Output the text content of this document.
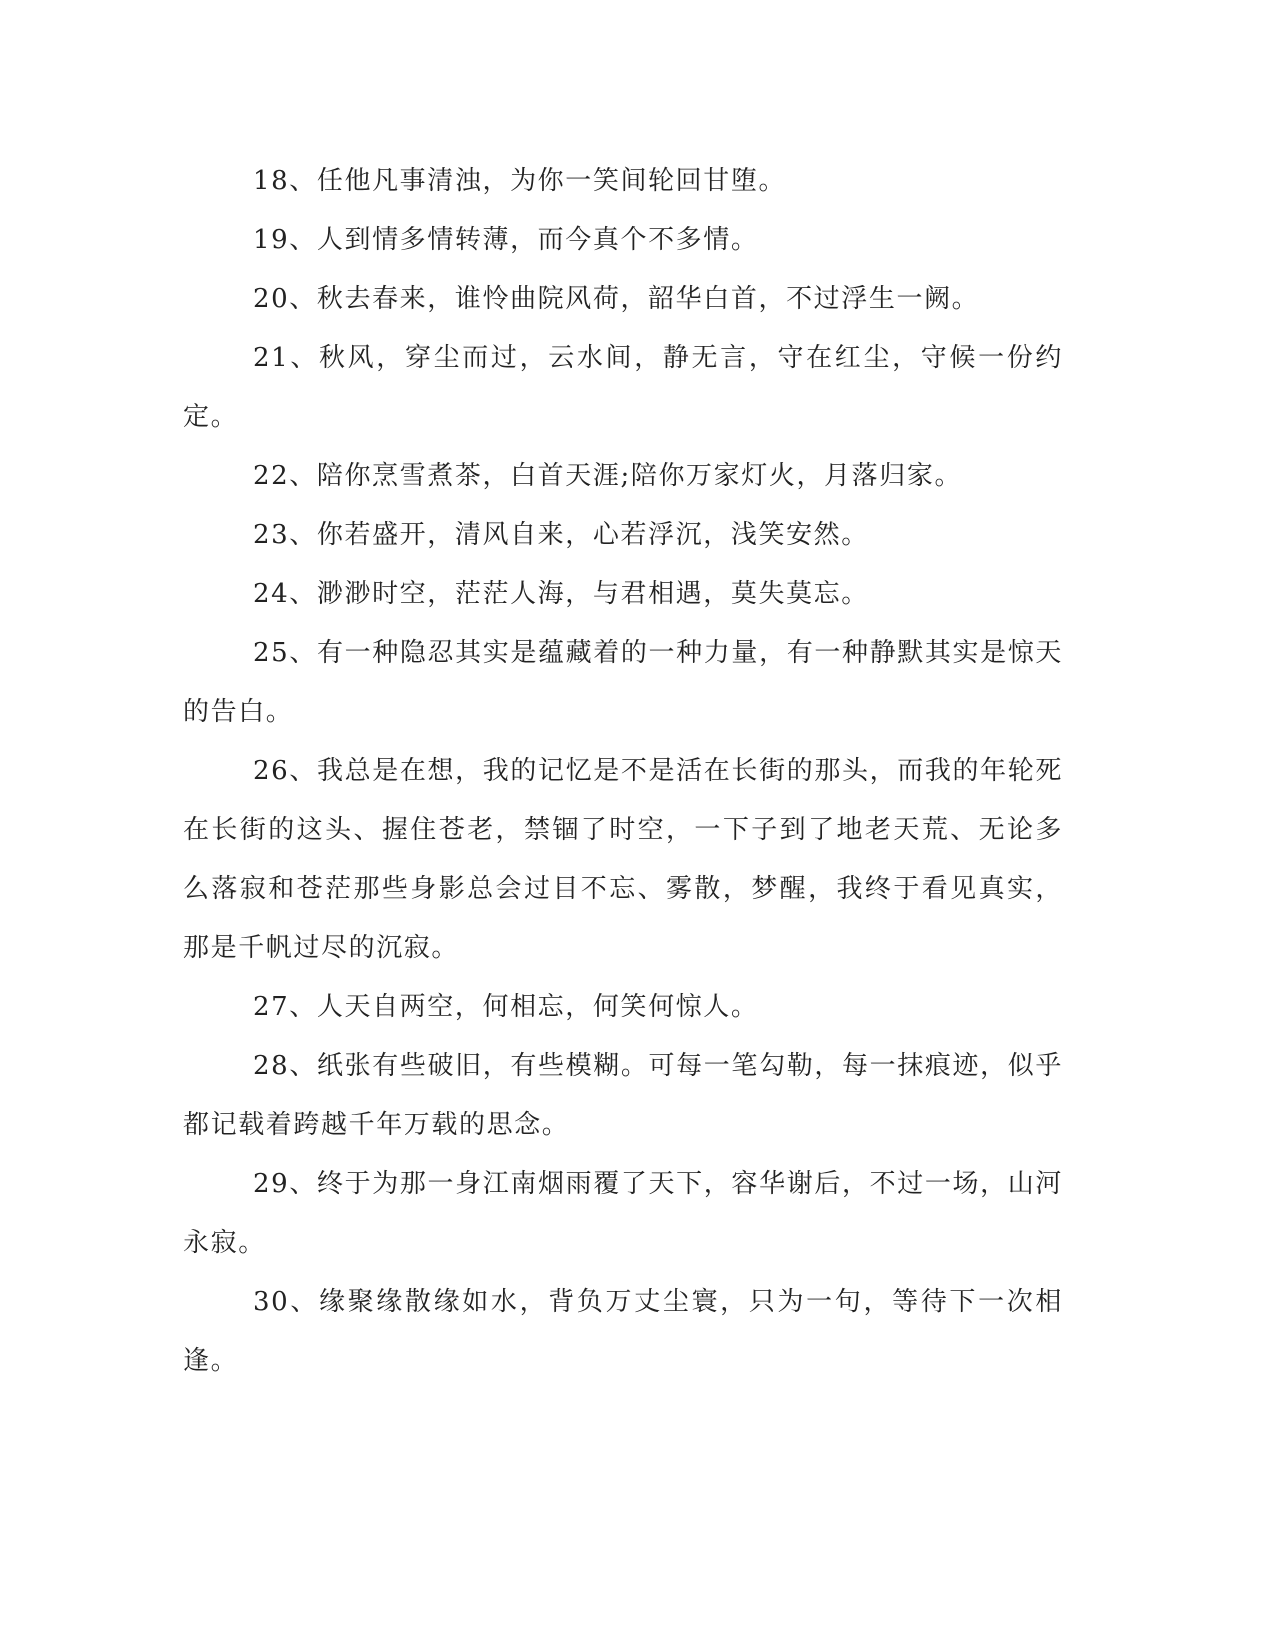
18、任他凡事清浊，为你一笑间轮回甘堕。

19、人到情多情转薄，而今真个不多情。

20、秋去春来，谁怜曲院风荷，韶华白首，不过浮生一阙。

21、秋风，穿尘而过，云水间，静无言，守在红尘，守候一份约定。

22、陪你烹雪煮茶，白首天涯;陪你万家灯火，月落归家。

23、你若盛开，清风自来，心若浮沉，浅笑安然。

24、渺渺时空，茫茫人海，与君相遇，莫失莫忘。

25、有一种隐忍其实是蕴藏着的一种力量，有一种静默其实是惊天的告白。

26、我总是在想，我的记忆是不是活在长街的那头，而我的年轮死在长街的这头、握住苍老，禁锢了时空，一下子到了地老天荒、无论多么落寂和苍茫那些身影总会过目不忘、雾散，梦醒，我终于看见真实，那是千帆过尽的沉寂。

27、人天自两空，何相忘，何笑何惊人。

28、纸张有些破旧，有些模糊。可每一笔勾勒，每一抹痕迹，似乎都记载着跨越千年万载的思念。

29、终于为那一身江南烟雨覆了天下，容华谢后，不过一场，山河永寂。

30、缘聚缘散缘如水，背负万丈尘寰，只为一句，等待下一次相逢。
